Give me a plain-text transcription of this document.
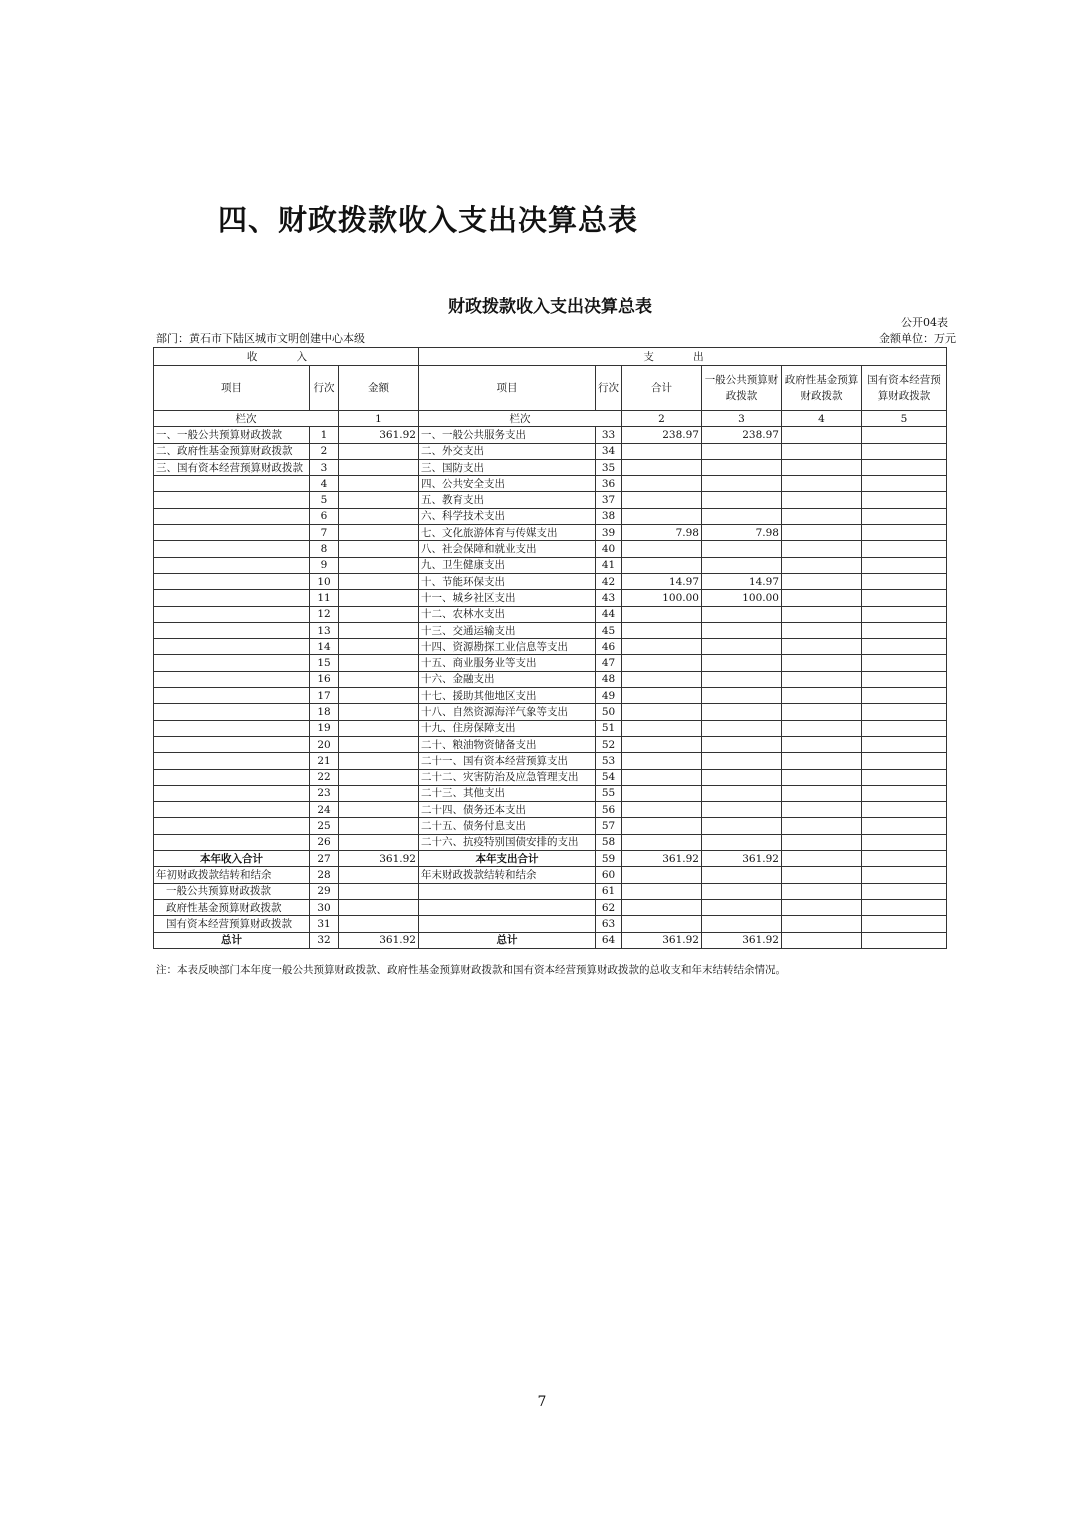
四、财政拨款收入支出决算总表
财政拨款收入支出决算总表
公开04表
部门：黄石市下陆区城市文明创建中心本级	金额单位：万元
收 入			支 出					
项目	行次	金额	项目	行次	合计	一般公共预算财政拨款	政府性基金预算财政拨款	国有资本经营预算财政拨款
栏次		1	栏次		2	3	4	5
一、一般公共预算财政拨款	1	361.92	一、一般公共服务支出	33	238.97	238.97		
二、政府性基金预算财政拨款	2		二、外交支出	34				
三、国有资本经营预算财政拨款	3		三、国防支出	35				
	4		四、公共安全支出	36				
	5		五、教育支出	37				
	6		六、科学技术支出	38				
	7		七、文化旅游体育与传媒支出	39	7.98	7.98		
	8		八、社会保障和就业支出	40				
	9		九、卫生健康支出	41				
	10		十、节能环保支出	42	14.97	14.97		
	11		十一、城乡社区支出	43	100.00	100.00		
	12		十二、农林水支出	44				
	13		十三、交通运输支出	45				
	14		十四、资源勘探工业信息等支出	46				
	15		十五、商业服务业等支出	47				
	16		十六、金融支出	48				
	17		十七、援助其他地区支出	49				
	18		十八、自然资源海洋气象等支出	50				
	19		十九、住房保障支出	51				
	20		二十、粮油物资储备支出	52				
	21		二十一、国有资本经营预算支出	53				
	22		二十二、灾害防治及应急管理支出	54				
	23		二十三、其他支出	55				
	24		二十四、债务还本支出	56				
	25		二十五、债务付息支出	57				
	26		二十六、抗疫特别国债安排的支出	58				
本年收入合计	27	361.92	本年支出合计	59	361.92	361.92		
年初财政拨款结转和结余	28		年末财政拨款结转和结余	60				
一般公共预算财政拨款	29			61				
政府性基金预算财政拨款	30			62				
国有资本经营预算财政拨款	31			63				
总计	32	361.92	总计	64	361.92	361.92		
注：本表反映部门本年度一般公共预算财政拨款、政府性基金预算财政拨款和国有资本经营预算财政拨款的总收支和年末结转结余情况。
7
